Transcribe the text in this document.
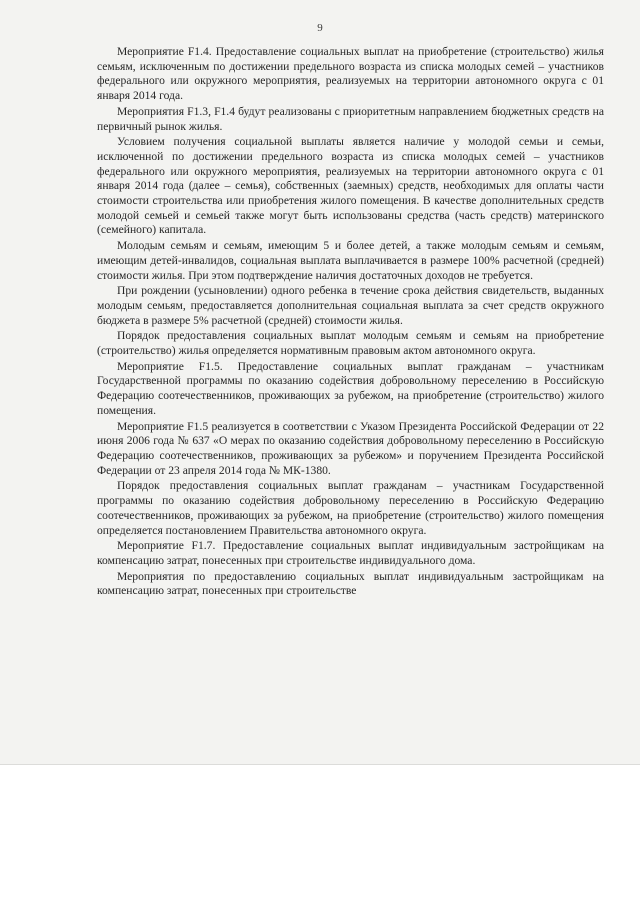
9

Мероприятие F1.4. Предоставление социальных выплат на приобретение (строительство) жилья семьям, исключенным по достижении предельного возраста из списка молодых семей – участников федерального или окружного мероприятия, реализуемых на территории автономного округа с 01 января 2014 года.

Мероприятия F1.3, F1.4 будут реализованы с приоритетным направлением бюджетных средств на первичный рынок жилья.

Условием получения социальной выплаты является наличие у молодой семьи и семьи, исключенной по достижении предельного возраста из списка молодых семей – участников федерального или окружного мероприятия, реализуемых на территории автономного округа с 01 января 2014 года (далее – семья), собственных (заемных) средств, необходимых для оплаты части стоимости строительства или приобретения жилого помещения. В качестве дополнительных средств молодой семьей и семьей также могут быть использованы средства (часть средств) материнского (семейного) капитала.

Молодым семьям и семьям, имеющим 5 и более детей, а также молодым семьям и семьям, имеющим детей-инвалидов, социальная выплата выплачивается в размере 100% расчетной (средней) стоимости жилья. При этом подтверждение наличия достаточных доходов не требуется.

При рождении (усыновлении) одного ребенка в течение срока действия свидетельств, выданных молодым семьям, предоставляется дополнительная социальная выплата за счет средств окружного бюджета в размере 5% расчетной (средней) стоимости жилья.

Порядок предоставления социальных выплат молодым семьям и семьям на приобретение (строительство) жилья определяется нормативным правовым актом автономного округа.

Мероприятие F1.5. Предоставление социальных выплат гражданам – участникам Государственной программы по оказанию содействия добровольному переселению в Российскую Федерацию соотечественников, проживающих за рубежом, на приобретение (строительство) жилого помещения.

Мероприятие F1.5 реализуется в соответствии с Указом Президента Российской Федерации от 22 июня 2006 года № 637 «О мерах по оказанию содействия добровольному переселению в Российскую Федерацию соотечественников, проживающих за рубежом» и поручением Президента Российской Федерации от 23 апреля 2014 года № МК-1380.

Порядок предоставления социальных выплат гражданам – участникам Государственной программы по оказанию содействия добровольному переселению в Российскую Федерацию соотечественников, проживающих за рубежом, на приобретение (строительство) жилого помещения определяется постановлением Правительства автономного округа.

Мероприятие F1.7. Предоставление социальных выплат индивидуальным застройщикам на компенсацию затрат, понесенных при строительстве индивидуального дома.

Мероприятия по предоставлению социальных выплат индивидуальным застройщикам на компенсацию затрат, понесенных при строительстве
